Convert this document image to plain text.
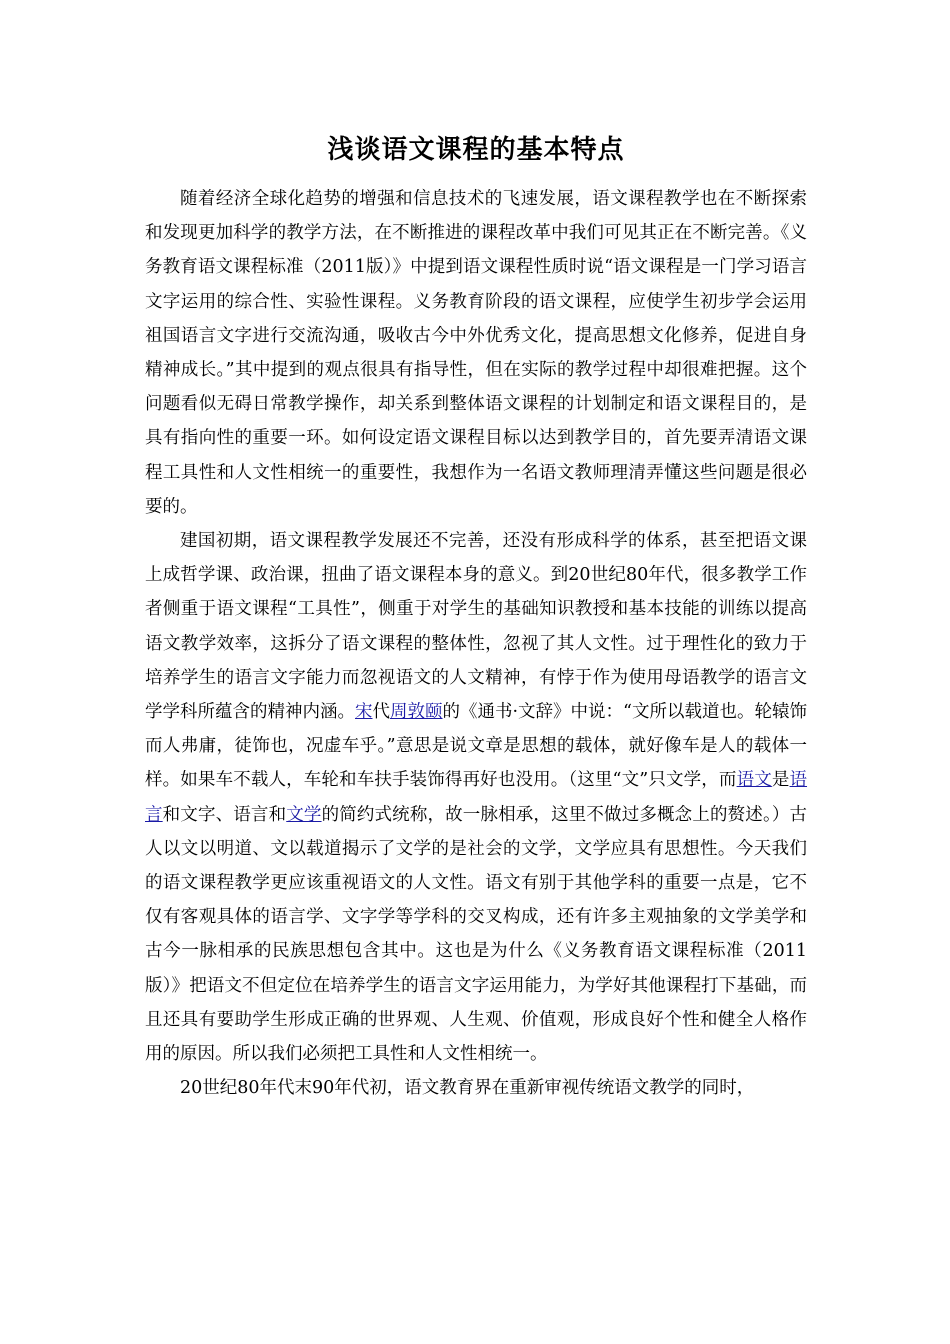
浅谈语文课程的基本特点

随着经济全球化趋势的增强和信息技术的飞速发展，语文课程教学也在不断探索和发现更加科学的教学方法，在不断推进的课程改革中我们可见其正在不断完善。《义务教育语文课程标准（2011版）》中提到语文课程性质时说“语文课程是一门学习语言文字运用的综合性、实验性课程。义务教育阶段的语文课程，应使学生初步学会运用祖国语言文字进行交流沟通，吸收古今中外优秀文化，提高思想文化修养，促进自身精神成长。”其中提到的观点很具有指导性，但在实际的教学过程中却很难把握。这个问题看似无碍日常教学操作，却关系到整体语文课程的计划制定和语文课程目的，是具有指向性的重要一环。如何设定语文课程目标以达到教学目的，首先要弄清语文课程工具性和人文性相统一的重要性，我想作为一名语文教师理清弄懂这些问题是很必要的。

建国初期，语文课程教学发展还不完善，还没有形成科学的体系，甚至把语文课上成哲学课、政治课，扭曲了语文课程本身的意义。到20世纪80年代，很多教学工作者侧重于语文课程“工具性”，侧重于对学生的基础知识教授和基本技能的训练以提高语文教学效率，这拆分了语文课程的整体性，忽视了其人文性。过于理性化的致力于培养学生的语言文字能力而忽视语文的人文精神，有悖于作为使用母语教学的语言文学学科所蕴含的精神内涵。宋代周敦颐的《通书·文辞》中说：“文所以载道也。轮辕饰而人弗庸，徒饰也，况虚车乎。”意思是说文章是思想的载体，就好像车是人的载体一样。如果车不载人，车轮和车扶手装饰得再好也没用。（这里“文”只文学，而语文是语言和文字、语言和文学的简约式统称，故一脉相承，这里不做过多概念上的赘述。）古人以文以明道、文以载道揭示了文学的是社会的文学，文学应具有思想性。今天我们的语文课程教学更应该重视语文的人文性。语文有别于其他学科的重要一点是，它不仅有客观具体的语言学、文字学等学科的交叉构成，还有许多主观抽象的文学美学和古今一脉相承的民族思想包含其中。这也是为什么《义务教育语文课程标准（2011版）》把语文不但定位在培养学生的语言文字运用能力，为学好其他课程打下基础，而且还具有要助学生形成正确的世界观、人生观、价值观，形成良好个性和健全人格作用的原因。所以我们必须把工具性和人文性相统一。

20世纪80年代末90年代初，语文教育界在重新审视传统语文教学的同时，
